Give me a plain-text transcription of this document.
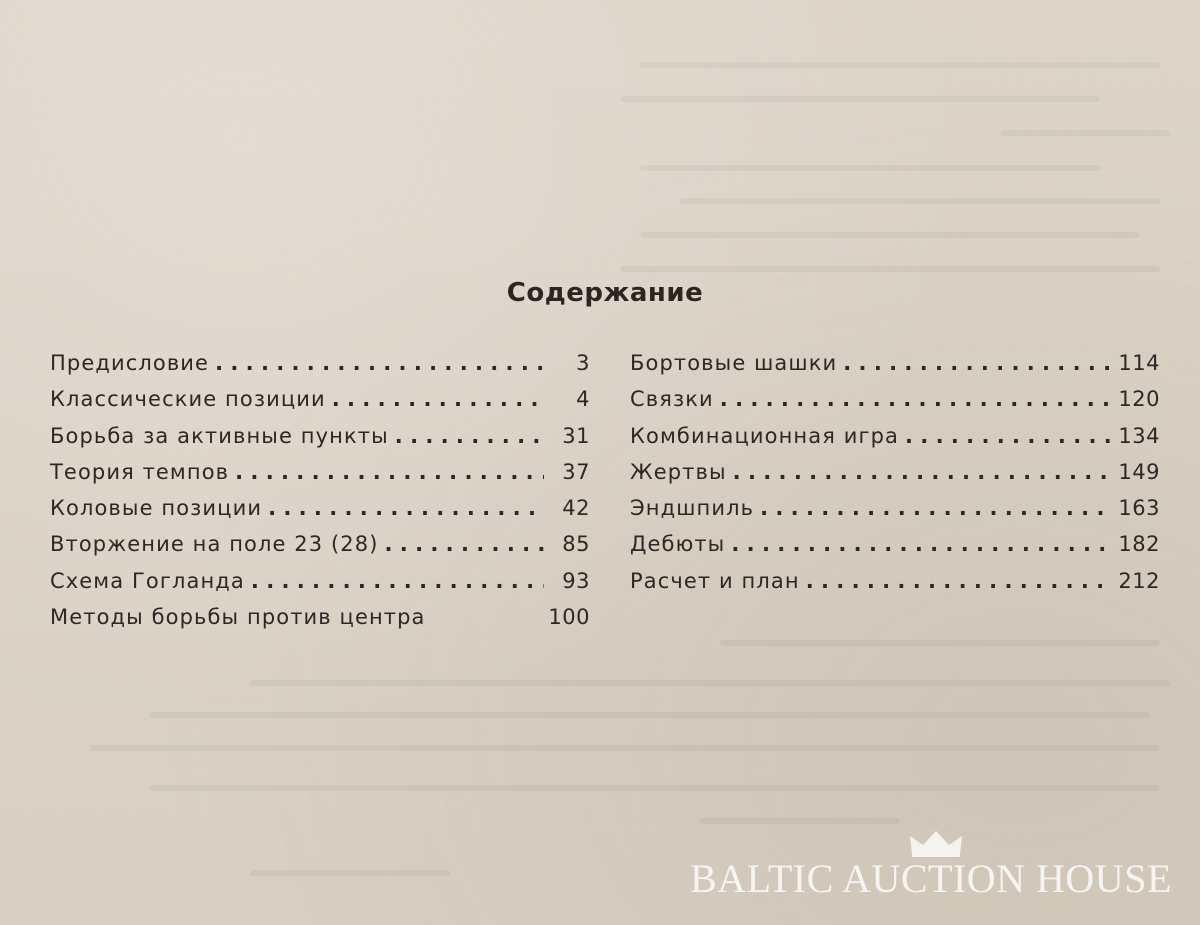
Содержание
Предисловие . . .	3
Классические позиции . . .	4
Борьба за активные пункты . . .	31
Теория темпов . . .	37
Коловые позиции . . .	42
Вторжение на поле 23 (28) . . .	85
Схема Гогланда . . .	93
Методы борьбы против центра	100
Бортовые шашки . . .	114
Связки . . .	120
Комбинационная игра . . .	134
Жертвы . . .	149
Эндшпиль . . .	163
Дебюты . . .	182
Расчет и план . . .	212
BALTIC AUCTION HOUSE
